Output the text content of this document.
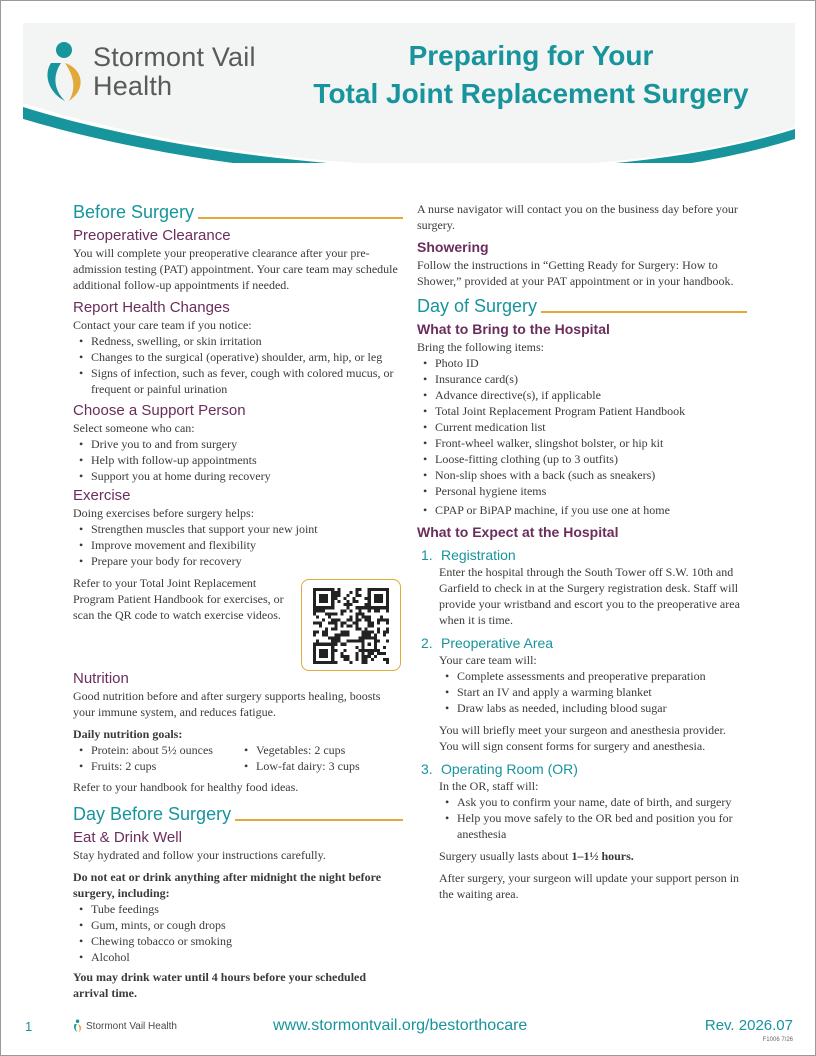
Stormont Vail
Health
Preparing for Your
Total Joint Replacement Surgery
Before Surgery
Preoperative Clearance

You will complete your preoperative clearance after your pre-admission testing (PAT) appointment. Your care team may schedule additional follow-up appointments if needed.

Report Health Changes

Contact your care team if you notice:

• Redness, swelling, or skin irritation
• Changes to the surgical (operative) shoulder, arm, hip, or leg
• Signs of infection, such as fever, cough with colored mucus, or frequent or painful urination
Choose a Support Person

Select someone who can:

• Drive you to and from surgery
• Help with follow-up appointments
• Support you at home during recovery
Exercise

Doing exercises before surgery helps:

• Strengthen muscles that support your new joint
• Improve movement and flexibility
• Prepare your body for recovery

Refer to your Total Joint Replacement Program Patient Handbook for exercises, or scan the QR code to watch exercise videos.

Nutrition

Good nutrition before and after surgery supports healing, boosts your immune system, and reduces fatigue.

Daily nutrition goals:

• Protein: about 5½ ounces
• Fruits: 2 cups
• Vegetables: 2 cups
• Low-fat dairy: 3 cups

Refer to your handbook for healthy food ideas.

Day Before Surgery
Eat & Drink Well

Stay hydrated and follow your instructions carefully.

Do not eat or drink anything after midnight the night before surgery, including:

• Tube feedings
• Gum, mints, or cough drops
• Chewing tobacco or smoking
• Alcohol

You may drink water until 4 hours before your scheduled arrival time.

A nurse navigator will contact you on the business day before your surgery.

Showering

Follow the instructions in “Getting Ready for Surgery: How to Shower,” provided at your PAT appointment or in your handbook.

Day of Surgery
What to Bring to the Hospital

Bring the following items:

• Photo ID
• Insurance card(s)
• Advance directive(s), if applicable
• Total Joint Replacement Program Patient Handbook
• Current medication list
• Front-wheel walker, slingshot bolster, or hip kit
• Loose-fitting clothing (up to 3 outfits)
• Non-slip shoes with a back (such as sneakers)
• Personal hygiene items
• CPAP or BiPAP machine, if you use one at home
What to Expect at the Hospital
1. Registration

Enter the hospital through the South Tower off S.W. 10th and Garfield to check in at the Surgery registration desk. Staff will provide your wristband and escort you to the preoperative area when it is time.

2. Preoperative Area

Your care team will:

• Complete assessments and preoperative preparation
• Start an IV and apply a warming blanket
• Draw labs as needed, including blood sugar

You will briefly meet your surgeon and anesthesia provider. You will sign consent forms for surgery and anesthesia.

3. Operating Room (OR)

In the OR, staff will:

• Ask you to confirm your name, date of birth, and surgery
• Help you move safely to the OR bed and position you for anesthesia

Surgery usually lasts about 1–1½ hours.

After surgery, your surgeon will update your support person in the waiting area.

1	Stormont Vail Health	www.stormontvail.org/bestorthocare	Rev. 2026.07
F1006 7/26
